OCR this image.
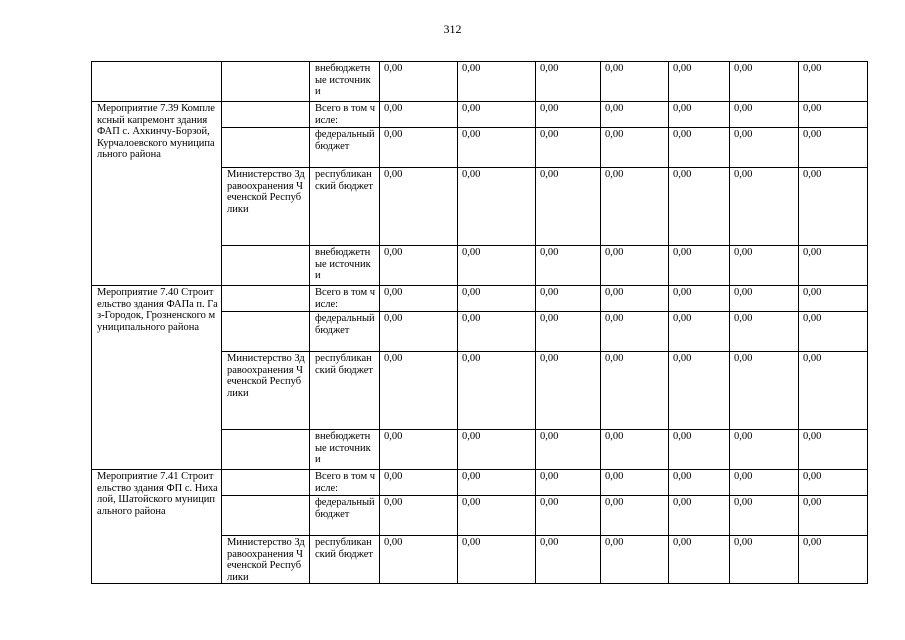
312
		внебюджетные источники	0,00	0,00	0,00	0,00	0,00	0,00	0,00
Мероприятие 7.39 Комплексный капремонт здания ФАП с. Ахкинчу-Борзой, Курчалоевского муниципального района		Всего в том числе:	0,00	0,00	0,00	0,00	0,00	0,00	0,00
		федеральный бюджет	0,00	0,00	0,00	0,00	0,00	0,00	0,00
	Министерство Здравоохранения Чеченской Республики	республиканский бюджет	0,00	0,00	0,00	0,00	0,00	0,00	0,00
		внебюджетные источники	0,00	0,00	0,00	0,00	0,00	0,00	0,00
Мероприятие 7.40 Строительство здания ФАПа п. Газ-Городок, Грозненского муниципального района		Всего в том числе:	0,00	0,00	0,00	0,00	0,00	0,00	0,00
		федеральный бюджет	0,00	0,00	0,00	0,00	0,00	0,00	0,00
	Министерство Здравоохранения Чеченской Республики	республиканский бюджет	0,00	0,00	0,00	0,00	0,00	0,00	0,00
		внебюджетные источники	0,00	0,00	0,00	0,00	0,00	0,00	0,00
Мероприятие 7.41 Строительство здания ФП с. Нихалой, Шатойского муниципального района		Всего в том числе:	0,00	0,00	0,00	0,00	0,00	0,00	0,00
		федеральный бюджет	0,00	0,00	0,00	0,00	0,00	0,00	0,00
	Министерство Здравоохранения Чеченской Республики	республиканский бюджет	0,00	0,00	0,00	0,00	0,00	0,00	0,00
